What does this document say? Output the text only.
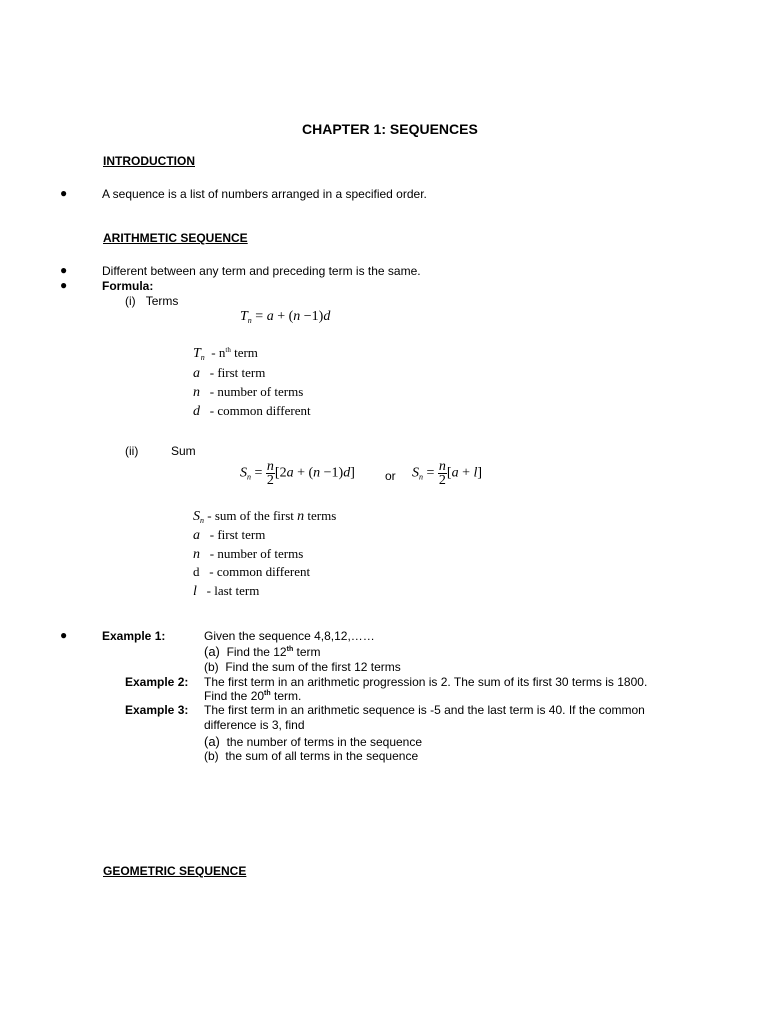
CHAPTER 1: SEQUENCES
INTRODUCTION
●	A sequence is a list of numbers arranged in a specified order.
ARITHMETIC SEQUENCE
●	Different between any term and preceding term is the same.
●	Formula:
(i) Terms
$T_n = a + (n -1)d$
$T_n - n^{th}$ term
a - first term
n - number of terms
d - common different
(ii)	Sum
$S_n = \frac{n}{2} [2a + (n -1)d]$	or $S_n = \frac{n}{2} [a + l]$
$S_n$ - sum of the first n terms
a - first term
n - number of terms
d - common different
l - last term
●	Example 1:	Given the sequence 4,8,12,……
(a) Find the 12th term
(b) Find the sum of the first 12 terms
Example 2: The first term in an arithmetic progression is 2. The sum of its first 30 terms is 1800.
Find the 20th term.
Example 3: The first term in an arithmetic sequence is -5 and the last term is 40. If the common
difference is 3, find
(a) the number of terms in the sequence
(b) the sum of all terms in the sequence
GEOMETRIC SEQUENCE
